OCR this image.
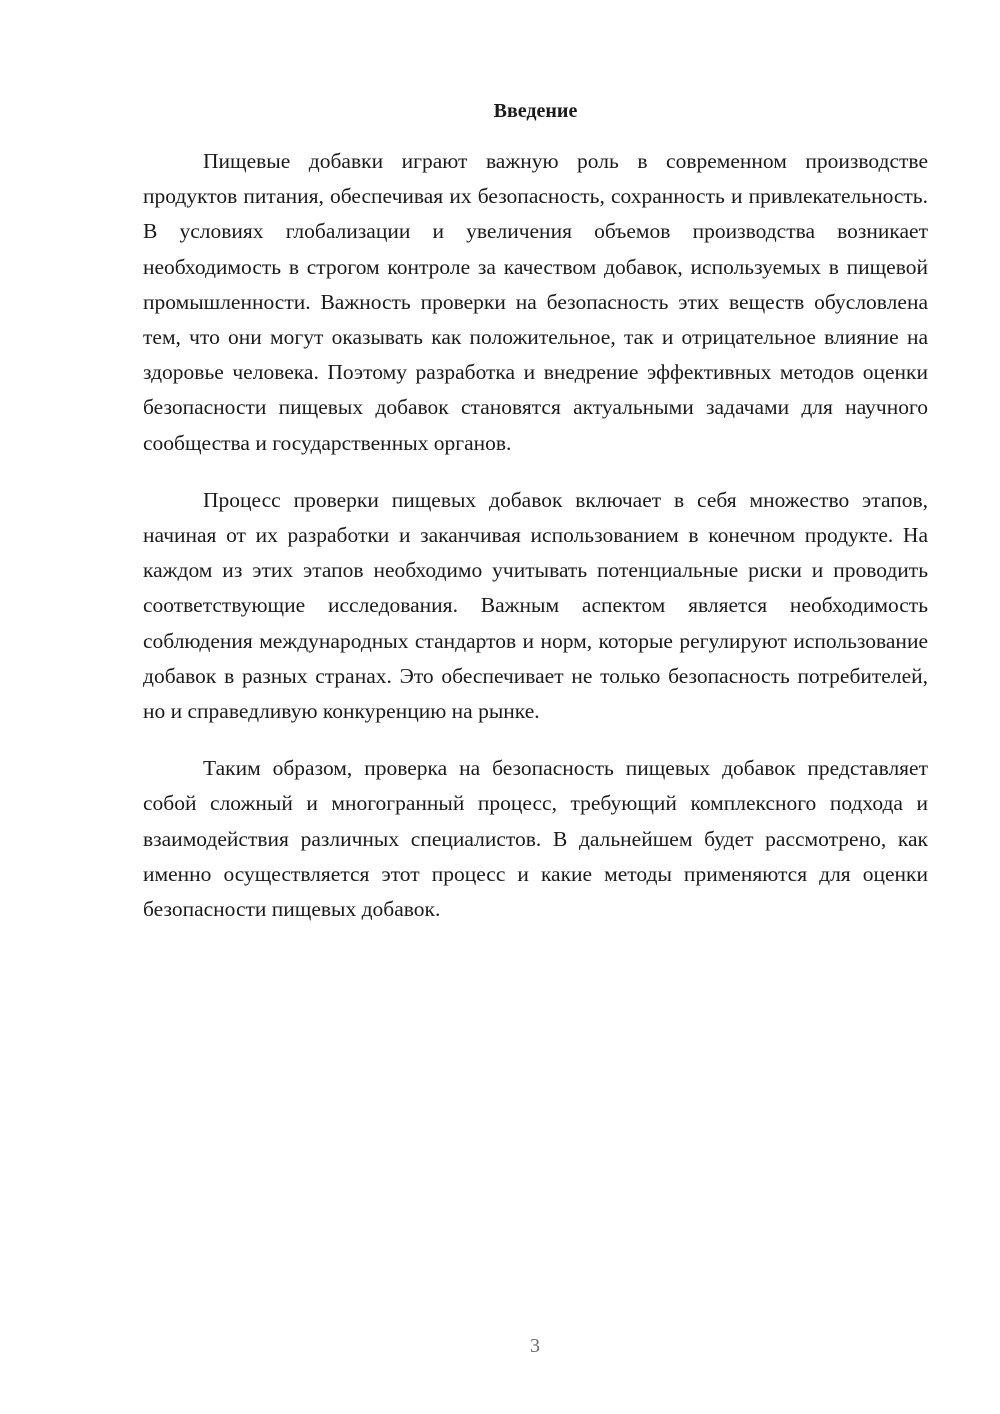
Введение

Пищевые добавки играют важную роль в современном производстве продуктов питания, обеспечивая их безопасность, сохранность и привлекательность. В условиях глобализации и увеличения объемов производства возникает необходимость в строгом контроле за качеством добавок, используемых в пищевой промышленности. Важность проверки на безопасность этих веществ обусловлена тем, что они могут оказывать как положительное, так и отрицательное влияние на здоровье человека. Поэтому разработка и внедрение эффективных методов оценки безопасности пищевых добавок становятся актуальными задачами для научного сообщества и государственных органов.

Процесс проверки пищевых добавок включает в себя множество этапов, начиная от их разработки и заканчивая использованием в конечном продукте. На каждом из этих этапов необходимо учитывать потенциальные риски и проводить соответствующие исследования. Важным аспектом является необходимость соблюдения международных стандартов и норм, которые регулируют использование добавок в разных странах. Это обеспечивает не только безопасность потребителей, но и справедливую конкуренцию на рынке.

Таким образом, проверка на безопасность пищевых добавок представляет собой сложный и многогранный процесс, требующий комплексного подхода и взаимодействия различных специалистов. В дальнейшем будет рассмотрено, как именно осуществляется этот процесс и какие методы применяются для оценки безопасности пищевых добавок.

3
